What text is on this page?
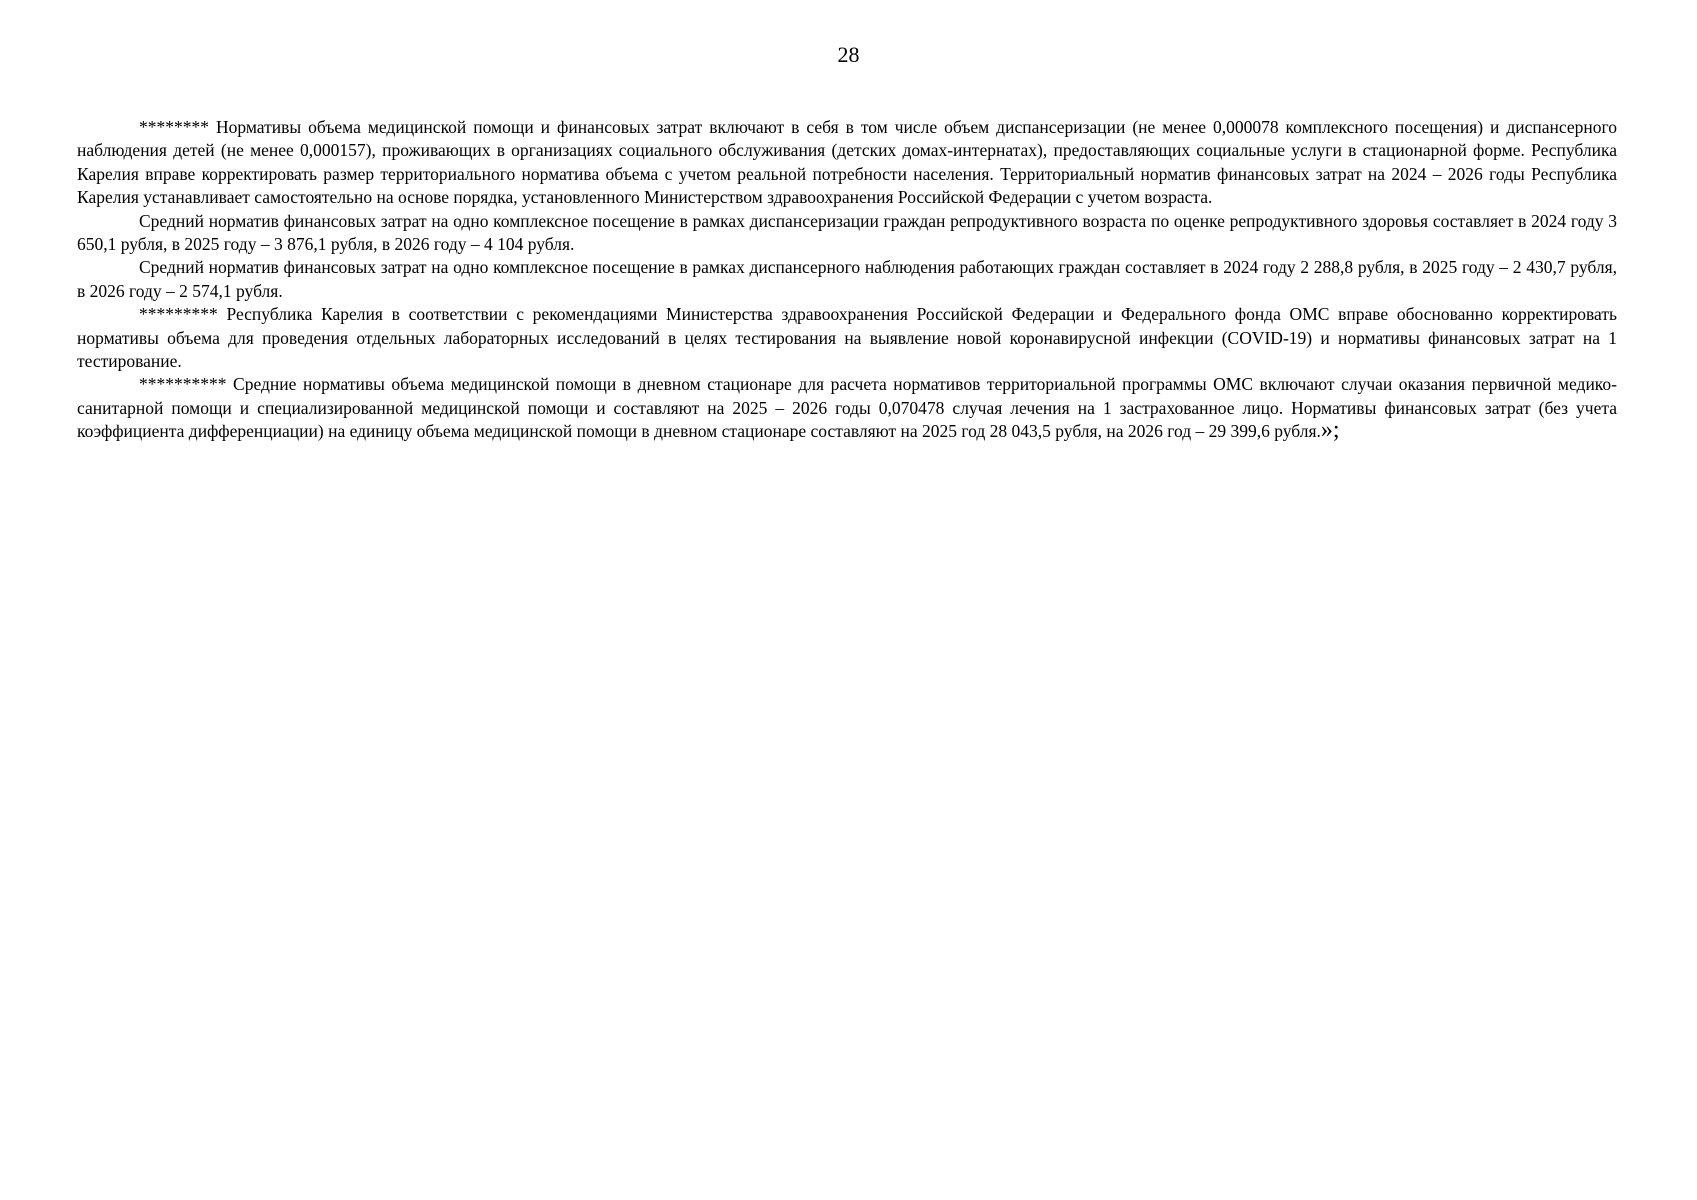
28

******** Нормативы объема медицинской помощи и финансовых затрат включают в себя в том числе объем диспансеризации (не менее 0,000078 комплексного посещения) и диспансерного наблюдения детей (не менее 0,000157), проживающих в организациях социального обслуживания (детских домах-интернатах), предоставляющих социальные услуги в стационарной форме. Республика Карелия вправе корректировать размер территориального норматива объема с учетом реальной потребности населения. Территориальный норматив финансовых затрат на 2024 – 2026 годы Республика Карелия устанавливает самостоятельно на основе порядка, установленного Министерством здравоохранения Российской Федерации с учетом возраста.

Средний норматив финансовых затрат на одно комплексное посещение в рамках диспансеризации граждан репродуктивного возраста по оценке репродуктивного здоровья составляет в 2024 году 3 650,1 рубля, в 2025 году – 3 876,1 рубля, в 2026 году – 4 104 рубля.

Средний норматив финансовых затрат на одно комплексное посещение в рамках диспансерного наблюдения работающих граждан составляет в 2024 году 2 288,8 рубля, в 2025 году – 2 430,7 рубля, в 2026 году – 2 574,1 рубля.

********* Республика Карелия в соответствии с рекомендациями Министерства здравоохранения Российской Федерации и Федерального фонда ОМС вправе обоснованно корректировать нормативы объема для проведения отдельных лабораторных исследований в целях тестирования на выявление новой коронавирусной инфекции (COVID-19) и нормативы финансовых затрат на 1 тестирование.

********** Средние нормативы объема медицинской помощи в дневном стационаре для расчета нормативов территориальной программы ОМС включают случаи оказания первичной медико-санитарной помощи и специализированной медицинской помощи и составляют на 2025 – 2026 годы 0,070478 случая лечения на 1 застрахованное лицо. Нормативы финансовых затрат (без учета коэффициента дифференциации) на единицу объема медицинской помощи в дневном стационаре составляют на 2025 год 28 043,5 рубля, на 2026 год – 29 399,6 рубля.»;
